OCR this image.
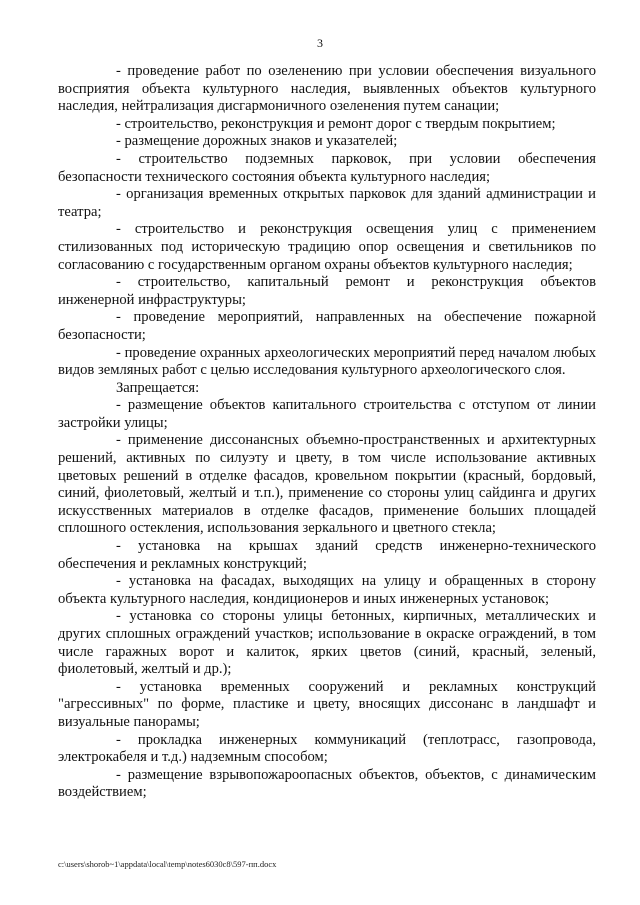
3

- проведение работ по озеленению при условии обеспечения визуального восприятия объекта культурного наследия, выявленных объектов культурного наследия, нейтрализация дисгармоничного озеленения путем санации;

- строительство, реконструкция и ремонт дорог с твердым покрытием;

- размещение дорожных знаков и указателей;

- строительство подземных парковок, при условии обеспечения безопасности технического состояния объекта культурного наследия;

- организация временных открытых парковок для зданий администрации и театра;

- строительство и реконструкция освещения улиц с применением стилизованных под историческую традицию опор освещения и светильников по согласованию с государственным органом охраны объектов культурного наследия;

- строительство, капитальный ремонт и реконструкция объектов инженерной инфраструктуры;

- проведение мероприятий, направленных на обеспечение пожарной безопасности;

- проведение охранных археологических мероприятий перед началом любых видов земляных работ с целью исследования культурного археологического слоя.

Запрещается:

- размещение объектов капитального строительства с отступом от линии застройки улицы;

- применение диссонансных объемно-пространственных и архитектурных решений, активных по силуэту и цвету, в том числе использование активных цветовых решений в отделке фасадов, кровельном покрытии (красный, бордовый, синий, фиолетовый, желтый и т.п.), применение со стороны улиц сайдинга и других искусственных материалов в отделке фасадов, применение больших площадей сплошного остекления, использования зеркального и цветного стекла;

- установка на крышах зданий средств инженерно-технического обеспечения и рекламных конструкций;

- установка на фасадах, выходящих на улицу и обращенных в сторону объекта культурного наследия, кондиционеров и иных инженерных установок;

- установка со стороны улицы бетонных, кирпичных, металлических и других сплошных ограждений участков; использование в окраске ограждений, в том числе гаражных ворот и калиток, ярких цветов (синий, красный, зеленый, фиолетовый, желтый и др.);

- установка временных сооружений и рекламных конструкций "агрессивных" по форме, пластике и цвету, вносящих диссонанс в ландшафт и визуальные панорамы;

- прокладка инженерных коммуникаций (теплотрасс, газопровода, электрокабеля и т.д.) надземным способом;

- размещение взрывопожароопасных объектов, объектов, с динамическим воздействием;

c:\users\shorob~1\appdata\local\temp\notes6030c8\597-пп.docx
